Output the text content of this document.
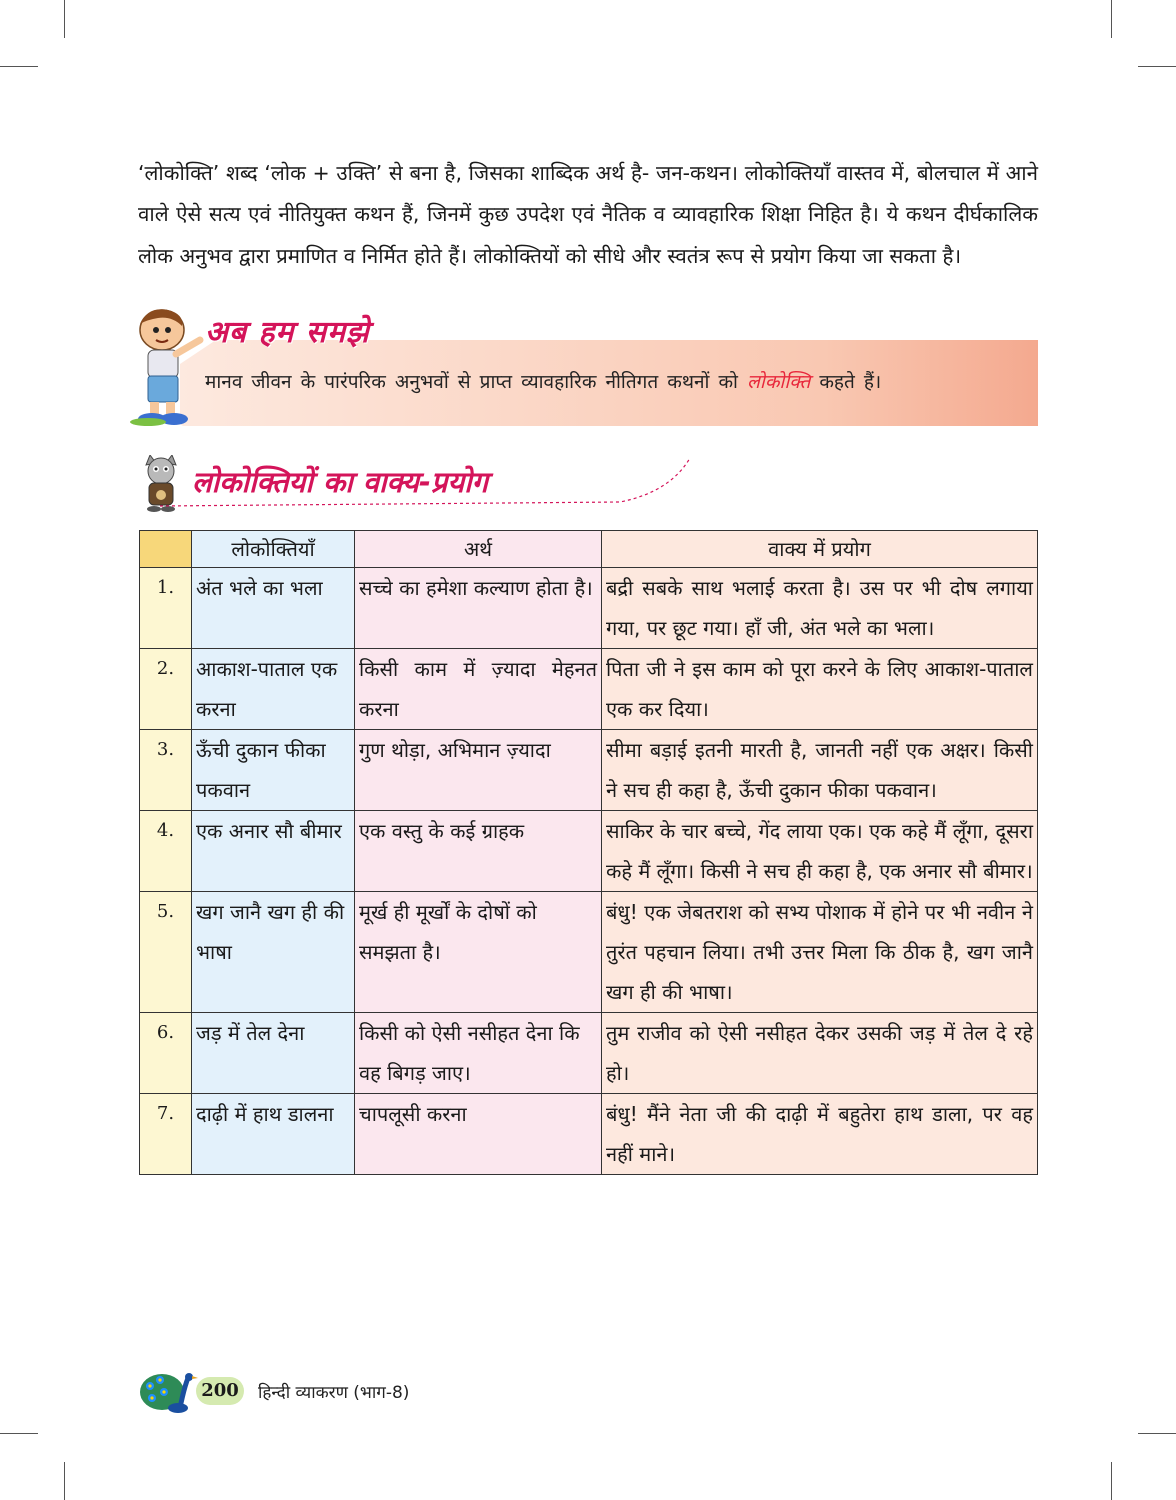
‘लोकोक्ति’ शब्द ‘लोक + उक्ति’ से बना है, जिसका शाब्दिक अर्थ है- जन-कथन। लोकोक्तियाँ वास्तव में, बोलचाल में आने वाले ऐसे सत्य एवं नीतियुक्त कथन हैं, जिनमें कुछ उपदेश एवं नैतिक व व्यावहारिक शिक्षा निहित है। ये कथन दीर्घकालिक लोक अनुभव द्वारा प्रमाणित व निर्मित होते हैं। लोकोक्तियों को सीधे और स्वतंत्र रूप से प्रयोग किया जा सकता है।

अब हम समझे
मानव जीवन के पारंपरिक अनुभवों से प्राप्त व्यावहारिक नीतिगत कथनों को लोकोक्ति कहते हैं।
लोकोक्तियों का वाक्य-प्रयोग
	लोकोक्तियाँ	अर्थ	वाक्य में प्रयोग
1.	अंत भले का भला	सच्चे का हमेशा कल्याण होता है।	बद्री सबके साथ भलाई करता है। उस पर भी दोष लगाया गया, पर छूट गया। हाँ जी, अंत भले का भला।
2.	आकाश-पाताल एक करना	किसी काम में ज़्यादा मेहनत करना	पिता जी ने इस काम को पूरा करने के लिए आकाश-पाताल एक कर दिया।
3.	ऊँची दुकान फीका पकवान	गुण थोड़ा, अभिमान ज़्यादा	सीमा बड़ाई इतनी मारती है, जानती नहीं एक अक्षर। किसी ने सच ही कहा है, ऊँची दुकान फीका पकवान।
4.	एक अनार सौ बीमार	एक वस्तु के कई ग्राहक	साकिर के चार बच्चे, गेंद लाया एक। एक कहे मैं लूँगा, दूसरा कहे मैं लूँगा। किसी ने सच ही कहा है, एक अनार सौ बीमार।
5.	खग जानै खग ही की भाषा	मूर्ख ही मूर्खों के दोषों को समझता है।	बंधु! एक जेबतराश को सभ्य पोशाक में होने पर भी नवीन ने तुरंत पहचान लिया। तभी उत्तर मिला कि ठीक है, खग जानै खग ही की भाषा।
6.	जड़ में तेल देना	किसी को ऐसी नसीहत देना कि वह बिगड़ जाए।	तुम राजीव को ऐसी नसीहत देकर उसकी जड़ में तेल दे रहे हो।
7.	दाढ़ी में हाथ डालना	चापलूसी करना	बंधु! मैंने नेता जी की दाढ़ी में बहुतेरा हाथ डाला, पर वह नहीं माने।
200	हिन्दी व्याकरण (भाग-8)
